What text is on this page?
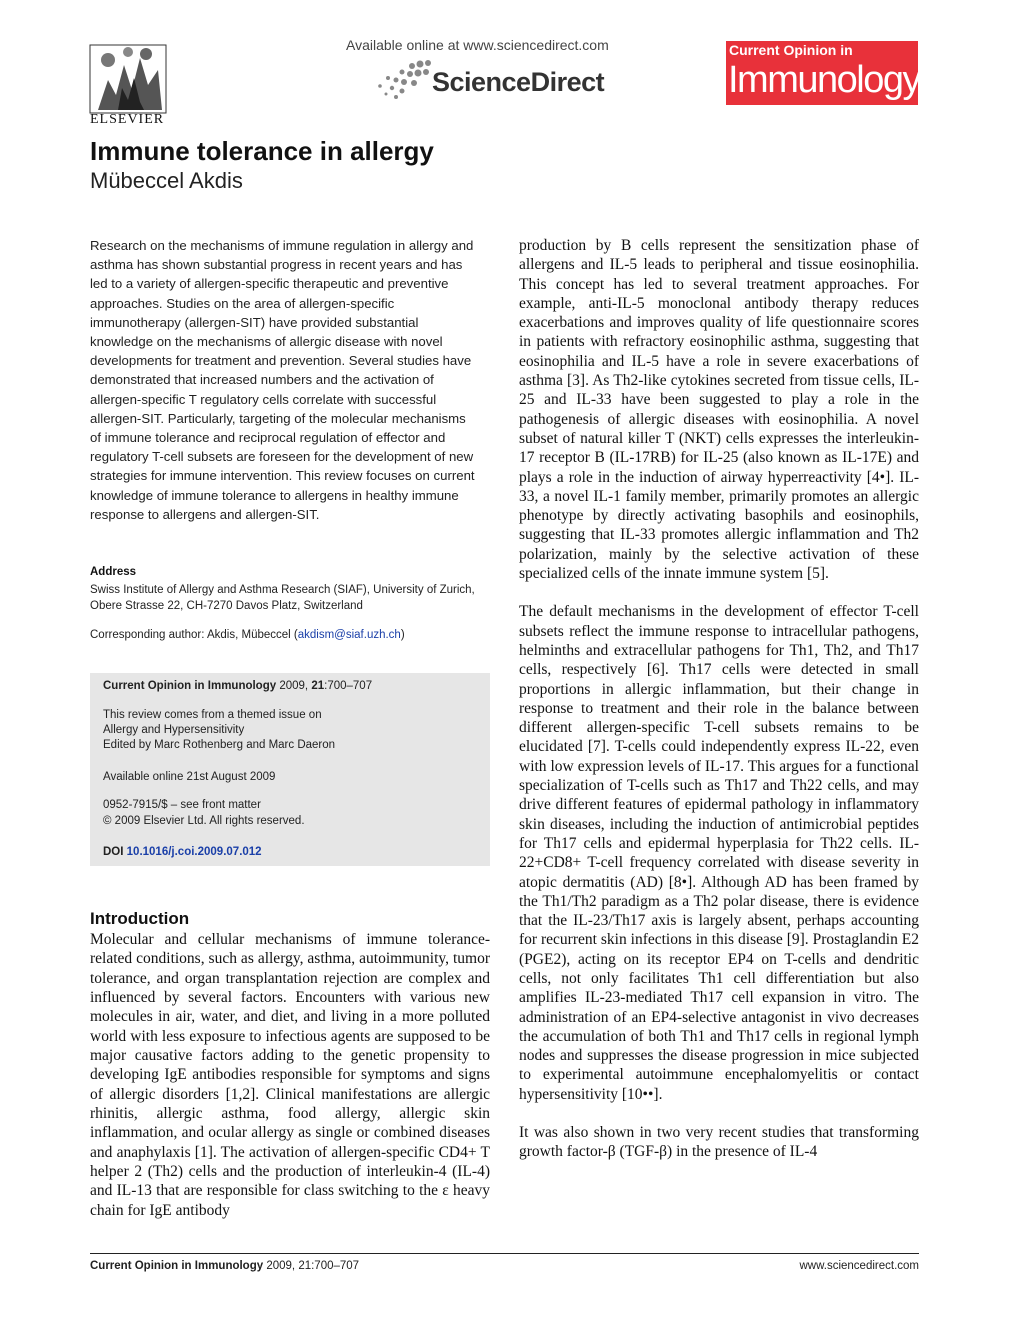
ELSEVIER
Available online at www.sciencedirect.com
ScienceDirect
Current Opinion in
Immunology
Immune tolerance in allergy
Mübeccel Akdis

Research on the mechanisms of immune regulation in allergy and asthma has shown substantial progress in recent years and has led to a variety of allergen-specific therapeutic and preventive approaches. Studies on the area of allergen-specific immunotherapy (allergen-SIT) have provided substantial knowledge on the mechanisms of allergic disease with novel developments for treatment and prevention. Several studies have demonstrated that increased numbers and the activation of allergen-specific T regulatory cells correlate with successful allergen-SIT. Particularly, targeting of the molecular mechanisms of immune tolerance and reciprocal regulation of effector and regulatory T-cell subsets are foreseen for the development of new strategies for immune intervention. This review focuses on current knowledge of immune tolerance to allergens in healthy immune response to allergens and allergen-SIT.

Address
Swiss Institute of Allergy and Asthma Research (SIAF), University of Zurich, Obere Strasse 22, CH-7270 Davos Platz, Switzerland
Corresponding author: Akdis, Mübeccel (akdism@siaf.uzh.ch)
Current Opinion in Immunology 2009, 21:700–707
This review comes from a themed issue on
Allergy and Hypersensitivity
Edited by Marc Rothenberg and Marc Daeron
Available online 21st August 2009
0952-7915/$ – see front matter
© 2009 Elsevier Ltd. All rights reserved.
DOI 10.1016/j.coi.2009.07.012
Introduction

Molecular and cellular mechanisms of immune tolerance-related conditions, such as allergy, asthma, autoimmunity, tumor tolerance, and organ transplantation rejection are complex and influenced by several factors. Encounters with various new molecules in air, water, and diet, and living in a more polluted world with less exposure to infectious agents are supposed to be major causative factors adding to the genetic propensity to developing IgE antibodies responsible for symptoms and signs of allergic disorders [1,2]. Clinical manifestations are allergic rhinitis, allergic asthma, food allergy, allergic skin inflammation, and ocular allergy as single or combined diseases and anaphylaxis [1]. The activation of allergen-specific CD4+ T helper 2 (Th2) cells and the production of interleukin-4 (IL-4) and IL-13 that are responsible for class switching to the ε heavy chain for IgE antibody

production by B cells represent the sensitization phase of allergens and IL-5 leads to peripheral and tissue eosinophilia. This concept has led to several treatment approaches. For example, anti-IL-5 monoclonal antibody therapy reduces exacerbations and improves quality of life questionnaire scores in patients with refractory eosinophilic asthma, suggesting that eosinophilia and IL-5 have a role in severe exacerbations of asthma [3]. As Th2-like cytokines secreted from tissue cells, IL-25 and IL-33 have been suggested to play a role in the pathogenesis of allergic diseases with eosinophilia. A novel subset of natural killer T (NKT) cells expresses the interleukin-17 receptor B (IL-17RB) for IL-25 (also known as IL-17E) and plays a role in the induction of airway hyperreactivity [4•]. IL-33, a novel IL-1 family member, primarily promotes an allergic phenotype by directly activating basophils and eosinophils, suggesting that IL-33 promotes allergic inflammation and Th2 polarization, mainly by the selective activation of these specialized cells of the innate immune system [5].

The default mechanisms in the development of effector T-cell subsets reflect the immune response to intracellular pathogens, helminths and extracellular pathogens for Th1, Th2, and Th17 cells, respectively [6]. Th17 cells were detected in small proportions in allergic inflammation, but their change in response to treatment and their role in the balance between different allergen-specific T-cell subsets remains to be elucidated [7]. T-cells could independently express IL-22, even with low expression levels of IL-17. This argues for a functional specialization of T-cells such as Th17 and Th22 cells, and may drive different features of epidermal pathology in inflammatory skin diseases, including the induction of antimicrobial peptides for Th17 cells and epidermal hyperplasia for Th22 cells. IL-22+CD8+ T-cell frequency correlated with disease severity in atopic dermatitis (AD) [8•]. Although AD has been framed by the Th1/Th2 paradigm as a Th2 polar disease, there is evidence that the IL-23/Th17 axis is largely absent, perhaps accounting for recurrent skin infections in this disease [9]. Prostaglandin E2 (PGE2), acting on its receptor EP4 on T-cells and dendritic cells, not only facilitates Th1 cell differentiation but also amplifies IL-23-mediated Th17 cell expansion in vitro. The administration of an EP4-selective antagonist in vivo decreases the accumulation of both Th1 and Th17 cells in regional lymph nodes and suppresses the disease progression in mice subjected to experimental autoimmune encephalomyelitis or contact hypersensitivity [10••].

It was also shown in two very recent studies that transforming growth factor-β (TGF-β) in the presence of IL-4

Current Opinion in Immunology 2009, 21:700–707	www.sciencedirect.com
